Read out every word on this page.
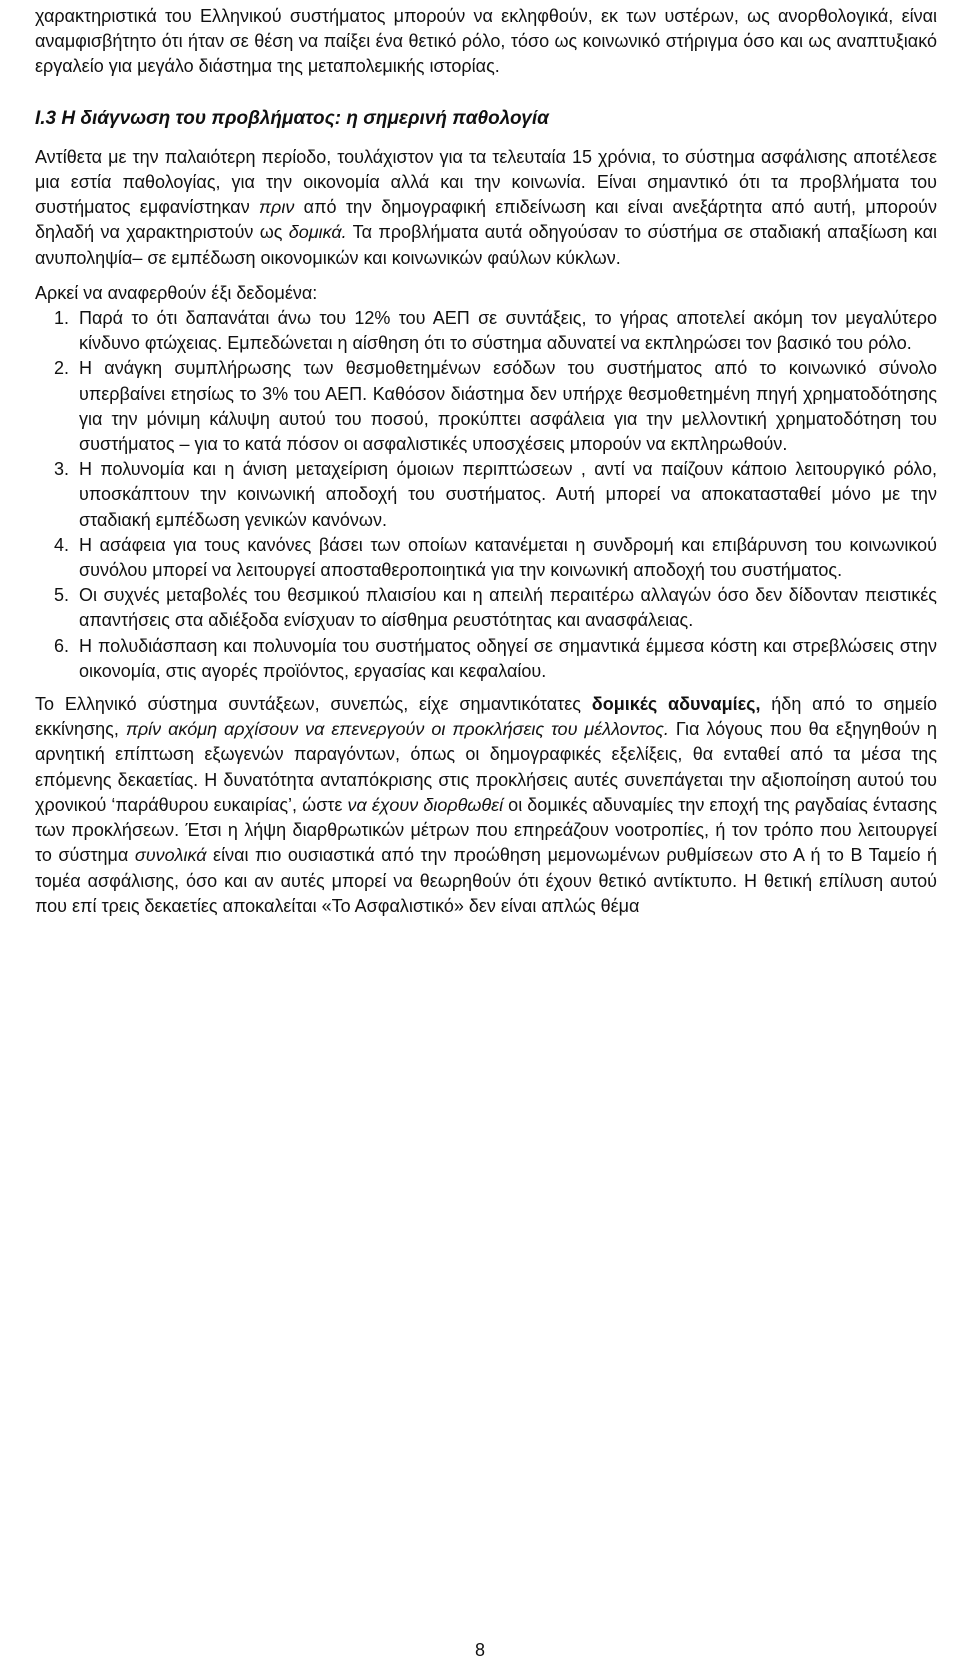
χαρακτηριστικά του Ελληνικού συστήματος μπορούν να εκληφθούν, εκ των υστέρων, ως ανορθολογικά, είναι αναμφισβήτητο ότι ήταν σε θέση να παίξει ένα θετικό ρόλο, τόσο ως κοινωνικό στήριγμα όσο και ως αναπτυξιακό εργαλείο για μεγάλο διάστημα της μεταπολεμικής ιστορίας.

Ι.3 Η διάγνωση του προβλήματος: η σημερινή παθολογία

Αντίθετα με την παλαιότερη περίοδο, τουλάχιστον για τα τελευταία 15 χρόνια, το σύστημα ασφάλισης αποτέλεσε μια εστία παθολογίας, για την οικονομία αλλά και την κοινωνία. Είναι σημαντικό ότι τα προβλήματα του συστήματος εμφανίστηκαν πριν από την δημογραφική επιδείνωση και είναι ανεξάρτητα από αυτή, μπορούν δηλαδή να χαρακτηριστούν ως δομικά. Τα προβλήματα αυτά οδηγούσαν το σύστήμα σε σταδιακή απαξίωση και ανυποληψία– σε εμπέδωση οικονομικών και κοινωνικών φαύλων κύκλων.

Αρκεί να αναφερθούν έξι δεδομένα:

1. Παρά το ότι δαπανάται άνω του 12% του ΑΕΠ σε συντάξεις, το γήρας αποτελεί ακόμη τον μεγαλύτερο κίνδυνο φτώχειας. Εμπεδώνεται η αίσθηση ότι το σύστημα αδυνατεί να εκπληρώσει τον βασικό του ρόλο.
2. Η ανάγκη συμπλήρωσης των θεσμοθετημένων εσόδων του συστήματος από το κοινωνικό σύνολο υπερβαίνει ετησίως το 3% του ΑΕΠ. Καθόσον διάστημα δεν υπήρχε θεσμοθετημένη πηγή χρηματοδότησης για την μόνιμη κάλυψη αυτού του ποσού, προκύπτει ασφάλεια για την μελλοντική χρηματοδότηση του συστήματος – για το κατά πόσον οι ασφαλιστικές υποσχέσεις μπορούν να εκπληρωθούν.
3. Η πολυνομία και η άνιση μεταχείριση όμοιων περιπτώσεων , αντί να παίζουν κάποιο λειτουργικό ρόλο, υποσκάπτουν την κοινωνική αποδοχή του συστήματος. Αυτή μπορεί να αποκατασταθεί μόνο με την σταδιακή εμπέδωση γενικών κανόνων.
4. Η ασάφεια για τους κανόνες βάσει των οποίων κατανέμεται η συνδρομή και επιβάρυνση του κοινωνικού συνόλου μπορεί να λειτουργεί αποσταθεροποιητικά για την κοινωνική αποδοχή του συστήματος.
5. Οι συχνές μεταβολές του θεσμικού πλαισίου και η απειλή περαιτέρω αλλαγών όσο δεν δίδονταν πειστικές απαντήσεις στα αδιέξοδα ενίσχυαν το αίσθημα ρευστότητας και ανασφάλειας.
6. Η πολυδιάσπαση και πολυνομία του συστήματος οδηγεί σε σημαντικά έμμεσα κόστη και στρεβλώσεις στην οικονομία, στις αγορές προϊόντος, εργασίας και κεφαλαίου.

Το Ελληνικό σύστημα συντάξεων, συνεπώς, είχε σημαντικότατες δομικές αδυναμίες, ήδη από το σημείο εκκίνησης, πρίν ακόμη αρχίσουν να επενεργούν οι προκλήσεις του μέλλοντος. Για λόγους που θα εξηγηθούν η αρνητική επίπτωση εξωγενών παραγόντων, όπως οι δημογραφικές εξελίξεις, θα ενταθεί από τα μέσα της επόμενης δεκαετίας. Η δυνατότητα ανταπόκρισης στις προκλήσεις αυτές συνεπάγεται την αξιοποίηση αυτού του χρονικού ‘παράθυρου ευκαιρίας’, ώστε να έχουν διορθωθεί οι δομικές αδυναμίες την εποχή της ραγδαίας έντασης των προκλήσεων. Έτσι η λήψη διαρθρωτικών μέτρων που επηρεάζουν νοοτροπίες, ή τον τρόπο που λειτουργεί το σύστημα συνολικά είναι πιο ουσιαστικά από την προώθηση μεμονωμένων ρυθμίσεων στο Α ή το Β Ταμείο ή τομέα ασφάλισης, όσο και αν αυτές μπορεί να θεωρηθούν ότι έχουν θετικό αντίκτυπο. Η θετική επίλυση αυτού που επί τρεις δεκαετίες αποκαλείται «Το Ασφαλιστικό» δεν είναι απλώς θέμα

8
